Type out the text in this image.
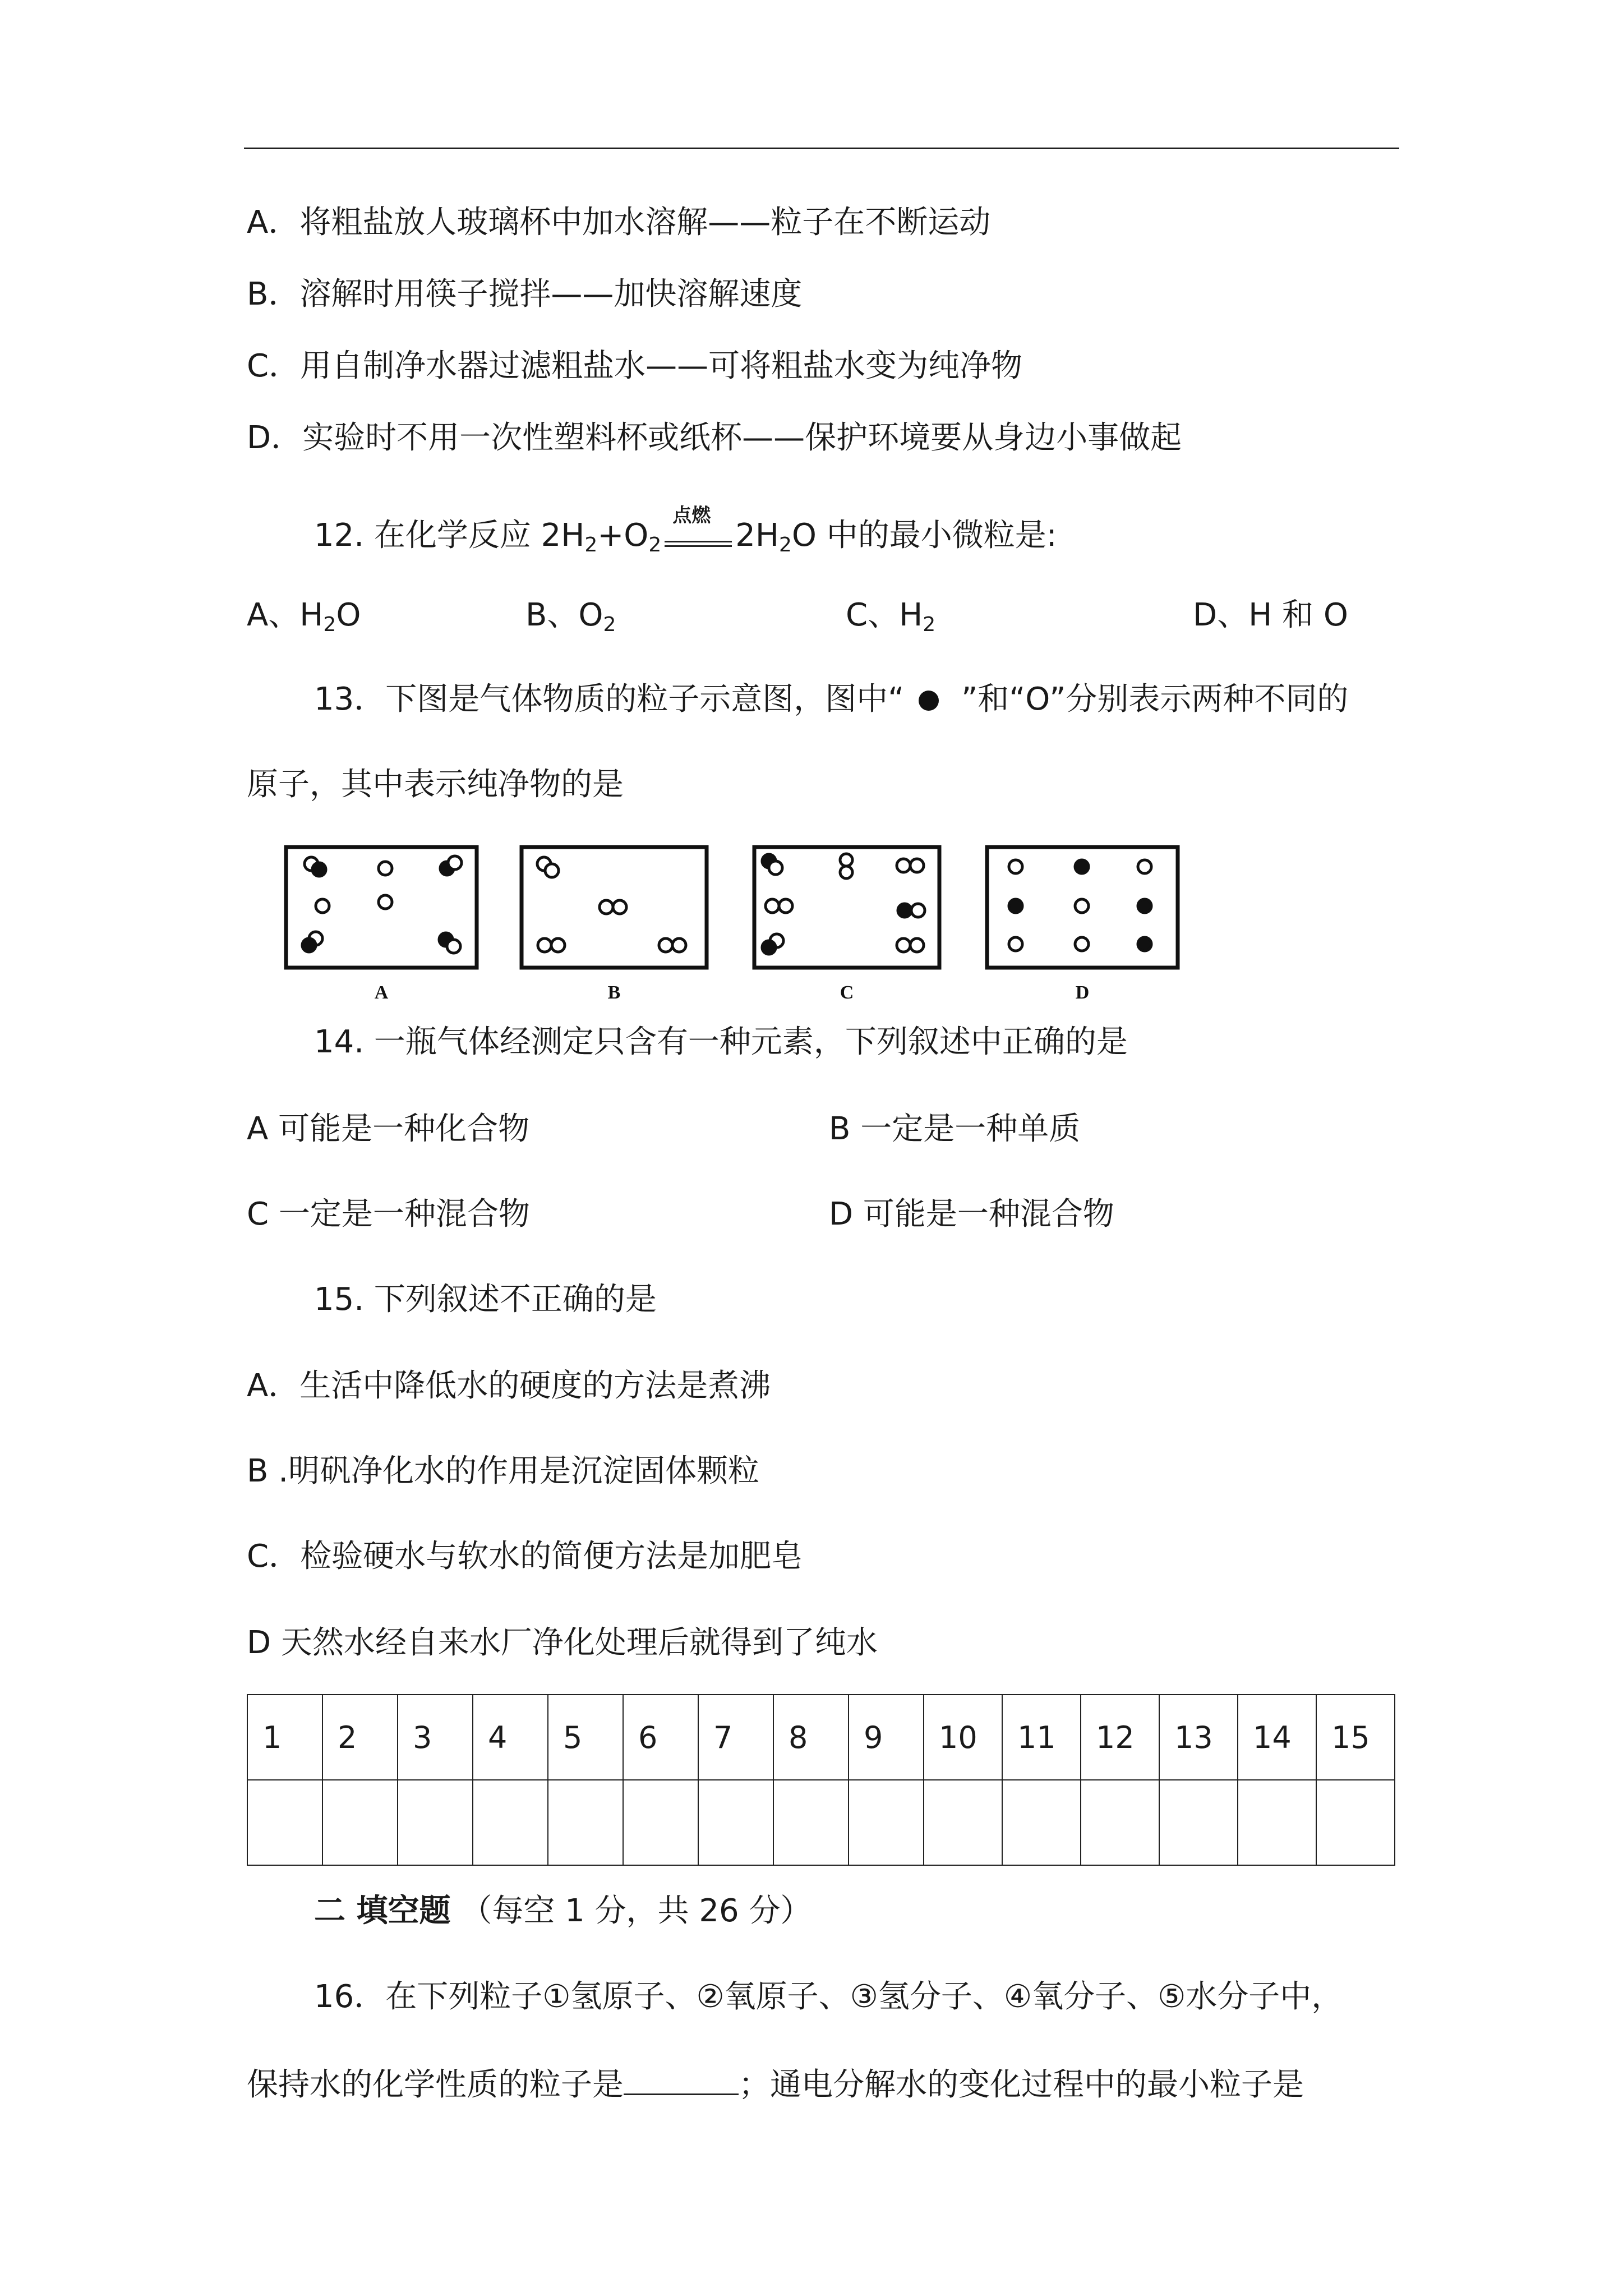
A．将粗盐放人玻璃杯中加水溶解——粒子在不断运动
B．溶解时用筷子搅拌——加快溶解速度
C．用自制净水器过滤粗盐水——可将粗盐水变为纯净物
D．实验时不用一次性塑料杯或纸杯——保护环境要从身边小事做起
12. 在化学反应 $2H_2+O_2$
点燃
$2H_2O$ 中的最小微粒是:
A、$H_2O$	B、$O_2$	C、$H_2$	D、H 和 O
13．下图是气体物质的粒子示意图，图中“ ”和“O”分别表示两种不同的
原子，其中表示纯净物的是
A	B	C	D
14. 一瓶气体经测定只含有一种元素，下列叙述中正确的是
A 可能是一种化合物	B 一定是一种单质
C 一定是一种混合物	D 可能是一种混合物
15. 下列叙述不正确的是
A．生活中降低水的硬度的方法是煮沸
B .明矾净化水的作用是沉淀固体颗粒
C．检验硬水与软水的简便方法是加肥皂
D 天然水经自来水厂净化处理后就得到了纯水
1	2	3	4	5	6	7	8	9	10	11	12	13	14	15

二 填空题 （每空 1 分，共 26 分）
16．在下列粒子①氢原子、②氧原子、③氢分子、④氧分子、⑤水分子中，
保持水的化学性质的粒子是	；通电分解水的变化过程中的最小粒子是
